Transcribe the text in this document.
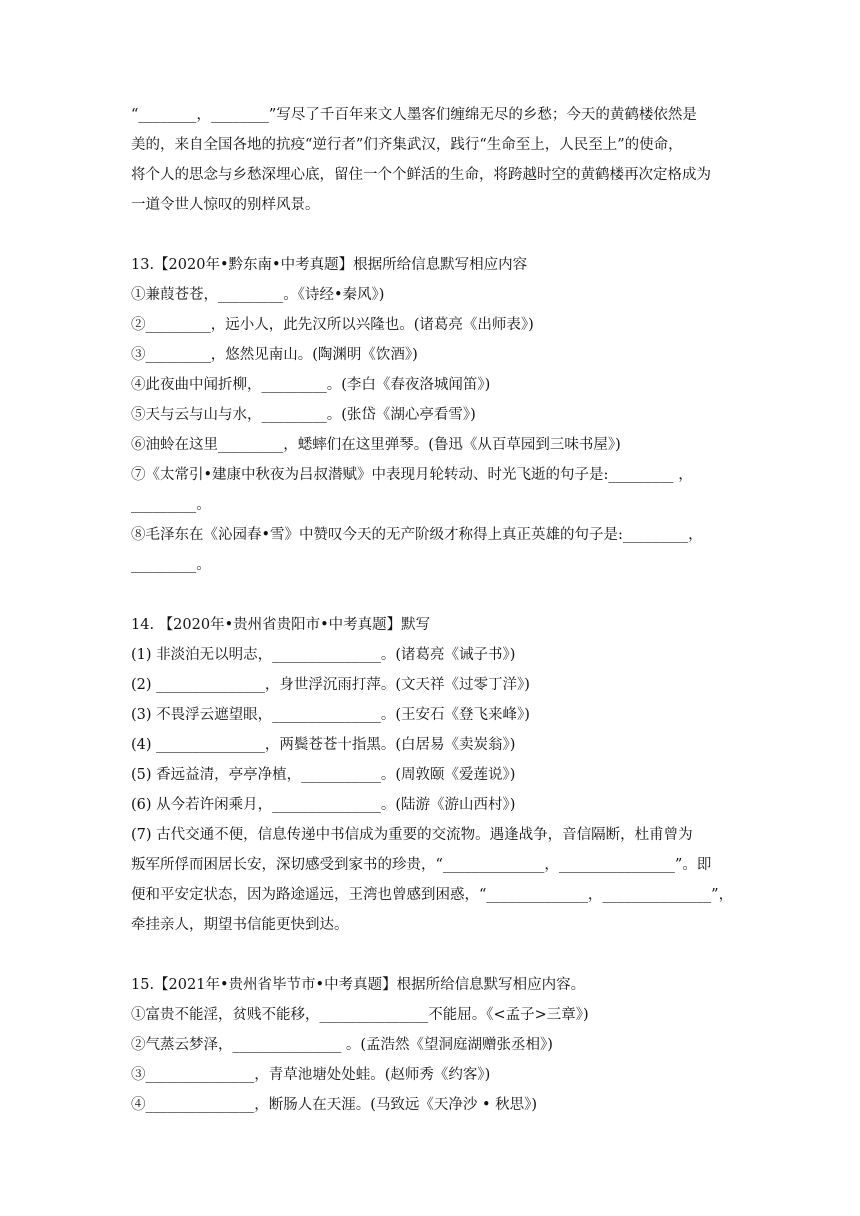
“________，________”写尽了千百年来文人墨客们缠绵无尽的乡愁；今天的黄鹤楼依然是
美的，来自全国各地的抗疫“逆行者”们齐集武汉，践行“生命至上，人民至上”的使命，
将个人的思念与乡愁深埋心底，留住一个个鲜活的生命，将跨越时空的黄鹤楼再次定格成为
一道令世人惊叹的别样风景。
13.【2020年•黔东南•中考真题】根据所给信息默写相应内容
①兼葭苍苍，_________。《诗经•秦风》)
②_________，远小人，此先汉所以兴隆也。(诸葛亮《出师表》)
③_________，悠然见南山。(陶渊明《饮酒》)
④此夜曲中闻折柳，_________。(李白《春夜洛城闻笛》)
⑤天与云与山与水，_________。(张岱《湖心亭看雪》)
⑥油蛉在这里_________，蟋蟀们在这里弹琴。(鲁迅《从百草园到三味书屋》)
⑦《太常引•建康中秋夜为吕叔潜赋》中表现月轮转动、时光飞逝的句子是:_________ ，
_________。
⑧毛泽东在《沁园春•雪》中赞叹今天的无产阶级才称得上真正英雄的句子是:_________，
_________。
14. 【2020年•贵州省贵阳市•中考真题】默写
(1) 非淡泊无以明志，_______________。(诸葛亮《诫子书》)
(2) _______________，身世浮沉雨打萍。(文天祥《过零丁洋》)
(3) 不畏浮云遮望眼，_______________。(王安石《登飞来峰》)
(4) _______________，两鬓苍苍十指黑。(白居易《卖炭翁》)
(5) 香远益清，亭亭净植，___________。(周敦颐《爱莲说》)
(6) 从今若许闲乘月，_______________。(陆游《游山西村》)
(7) 古代交通不便，信息传递中书信成为重要的交流物。遇逢战争，音信隔断，杜甫曾为
叛军所俘而困居长安，深切感受到家书的珍贵，“______________，________________”。即
便和平安定状态，因为路途遥远，王湾也曾感到困惑，“______________，_______________”，
牵挂亲人，期望书信能更快到达。
15.【2021年•贵州省毕节市•中考真题】根据所给信息默写相应内容。
①富贵不能淫，贫贱不能移，_______________不能屈。《<孟子>三章》)
②气蒸云梦泽，_______________ 。(孟浩然《望洞庭湖赠张丞相》)
③_______________，青草池塘处处蛙。(赵师秀《约客》)
④_______________，断肠人在天涯。(马致远《天净沙 • 秋思》)
